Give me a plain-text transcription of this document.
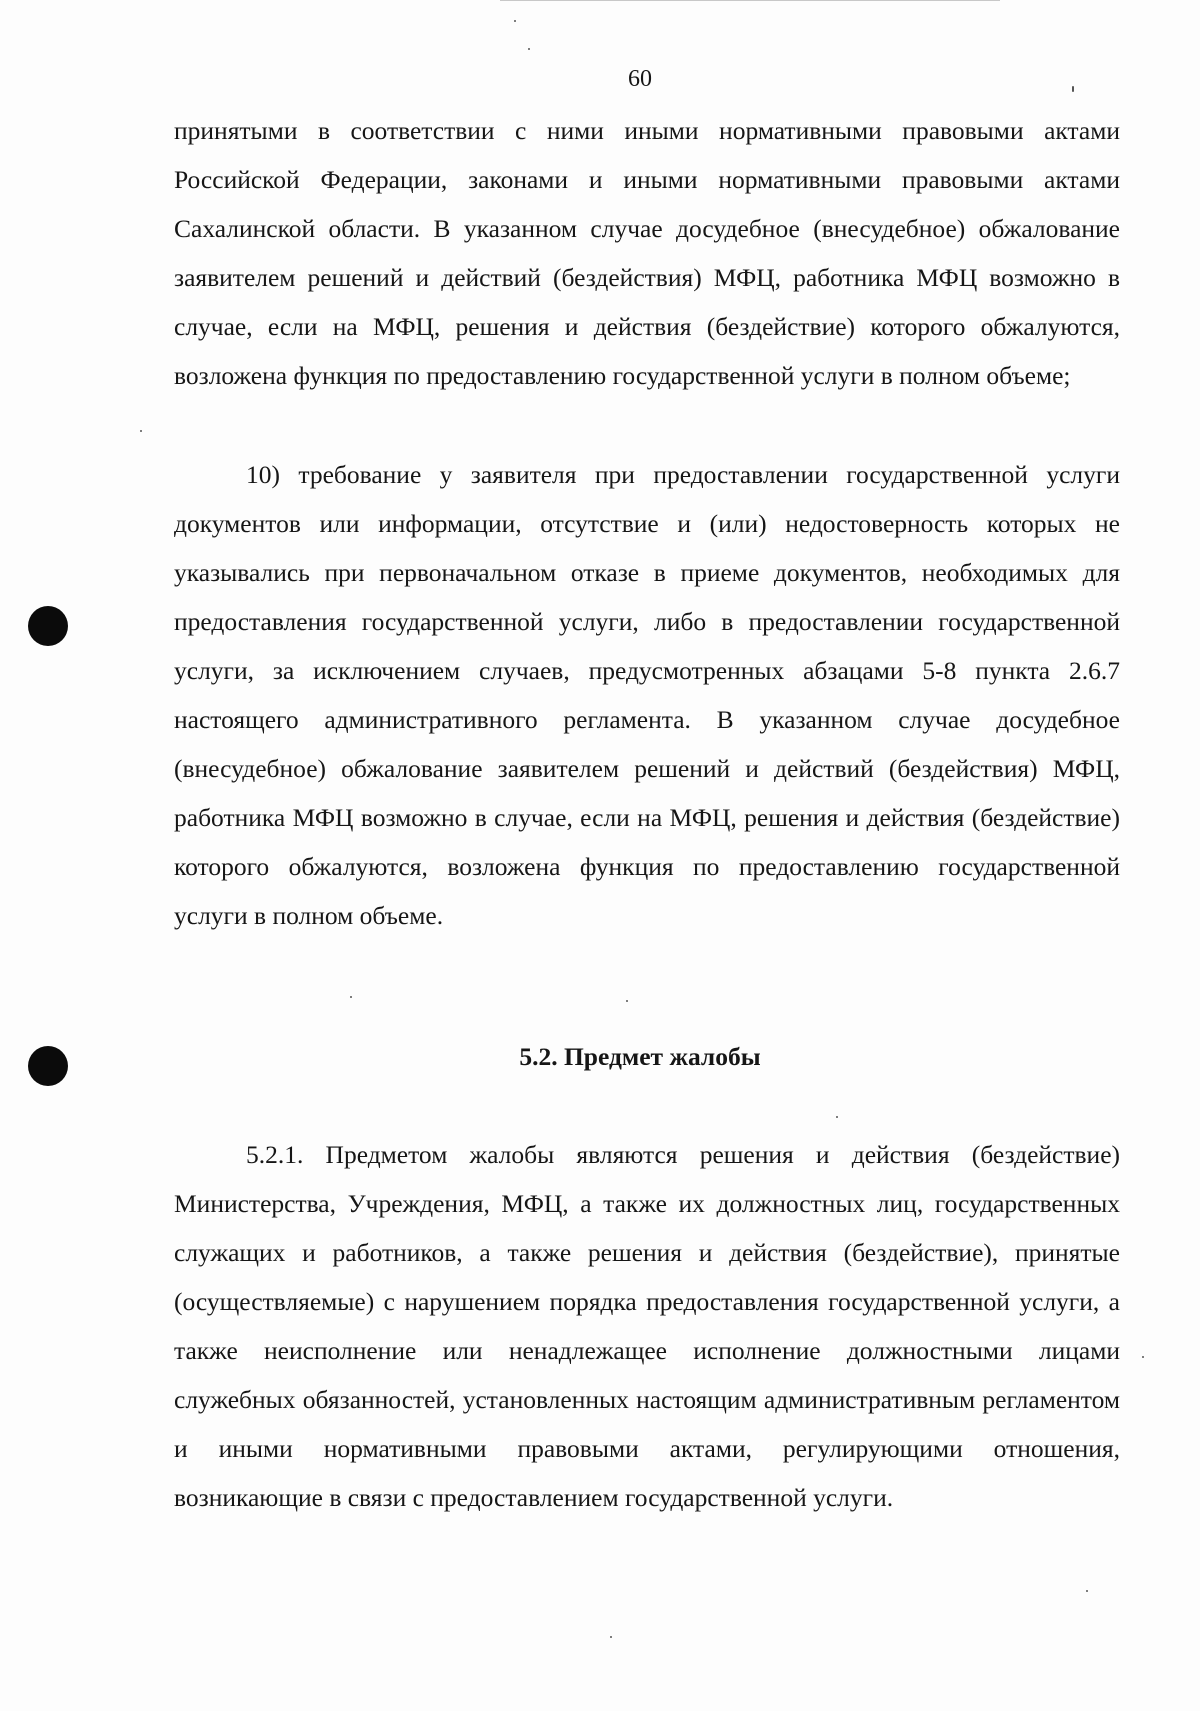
60

принятыми в соответствии с ними иными нормативными правовыми актами Российской Федерации, законами и иными нормативными правовыми актами Сахалинской области. В указанном случае досудебное (внесудебное) обжалование заявителем решений и действий (бездействия) МФЦ, работника МФЦ возможно в случае, если на МФЦ, решения и действия (бездействие) которого обжалуются, возложена функция по предоставлению государственной услуги в полном объеме;

10) требование у заявителя при предоставлении государственной услуги документов или информации, отсутствие и (или) недостоверность которых не указывались при первоначальном отказе в приеме документов, необходимых для предоставления государственной услуги, либо в предоставлении государственной услуги, за исключением случаев, предусмотренных абзацами 5-8 пункта 2.6.7 настоящего административного регламента. В указанном случае досудебное (внесудебное) обжалование заявителем решений и действий (бездействия) МФЦ, работника МФЦ возможно в случае, если на МФЦ, решения и действия (бездействие) которого обжалуются, возложена функция по предоставлению государственной услуги в полном объеме.

5.2. Предмет жалобы

5.2.1. Предметом жалобы являются решения и действия (бездействие) Министерства, Учреждения, МФЦ, а также их должностных лиц, государственных служащих и работников, а также решения и действия (бездействие), принятые (осуществляемые) с нарушением порядка предоставления государственной услуги, а также неисполнение или ненадлежащее исполнение должностными лицами служебных обязанностей, установленных настоящим административным регламентом и иными нормативными правовыми актами, регулирующими отношения, возникающие в связи с предоставлением государственной услуги.
